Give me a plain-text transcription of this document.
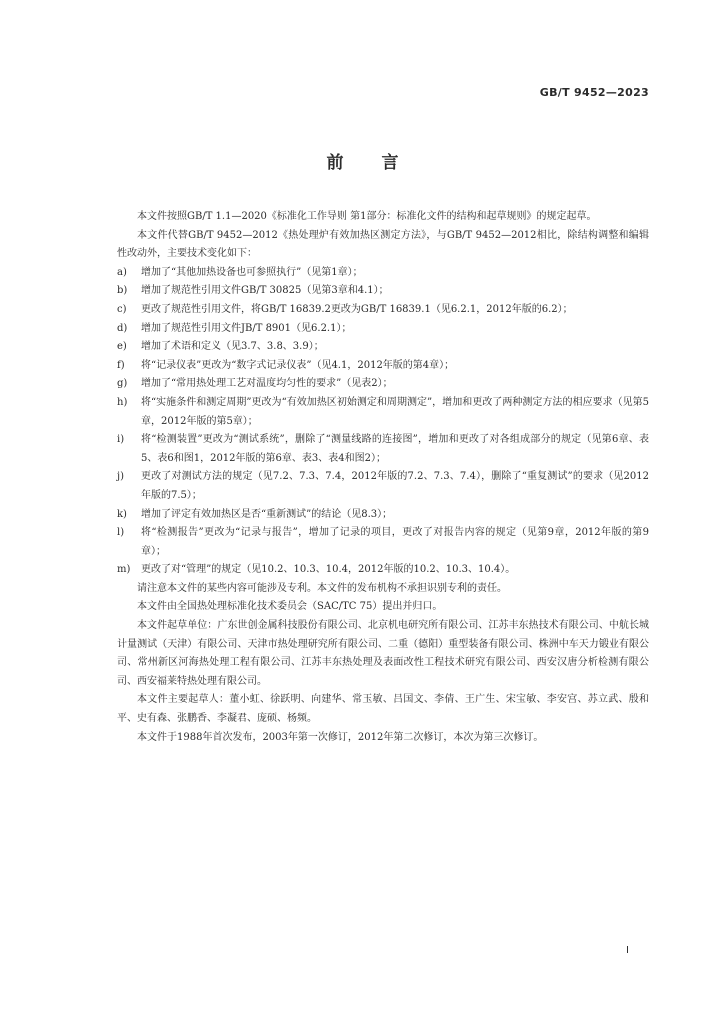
GB/T 9452—2023
前言

本文件按照GB/T 1.1—2020《标准化工作导则 第1部分：标准化文件的结构和起草规则》的规定起草。

本文件代替GB/T 9452—2012《热处理炉有效加热区测定方法》，与GB/T 9452—2012相比，除结构调整和编辑性改动外，主要技术变化如下：

a)	增加了“其他加热设备也可参照执行”（见第1章）；
b)	增加了规范性引用文件GB/T 30825（见第3章和4.1）；
c)	更改了规范性引用文件，将GB/T 16839.2更改为GB/T 16839.1（见6.2.1，2012年版的6.2）；
d)	增加了规范性引用文件JB/T 8901（见6.2.1）；
e)	增加了术语和定义（见3.7、3.8、3.9）；
f)	将“记录仪表”更改为“数字式记录仪表”（见4.1，2012年版的第4章）；
g)	增加了“常用热处理工艺对温度均匀性的要求”（见表2）；
h)	将“实施条件和测定周期”更改为“有效加热区初始测定和周期测定”，增加和更改了两种测定方法的相应要求（见第5章，2012年版的第5章）；
i)	将“检测装置”更改为“测试系统”，删除了“测量线路的连接图”，增加和更改了对各组成部分的规定（见第6章、表5、表6和图1，2012年版的第6章、表3、表4和图2）；
j)	更改了对测试方法的规定（见7.2、7.3、7.4，2012年版的7.2、7.3、7.4），删除了“重复测试”的要求（见2012年版的7.5）；
k)	增加了评定有效加热区是否“重新测试”的结论（见8.3）；
l)	将“检测报告”更改为“记录与报告”，增加了记录的项目，更改了对报告内容的规定（见第9章，2012年版的第9章）；
m)	更改了对“管理”的规定（见10.2、10.3、10.4，2012年版的10.2、10.3、10.4）。

请注意本文件的某些内容可能涉及专利。本文件的发布机构不承担识别专利的责任。

本文件由全国热处理标准化技术委员会（SAC/TC 75）提出并归口。

本文件起草单位：广东世创金属科技股份有限公司、北京机电研究所有限公司、江苏丰东热技术有限公司、中航长城计量测试（天津）有限公司、天津市热处理研究所有限公司、二重（德阳）重型装备有限公司、株洲中车天力锻业有限公司、常州新区河海热处理工程有限公司、江苏丰东热处理及表面改性工程技术研究有限公司、西安汉唐分析检测有限公司、西安福莱特热处理有限公司。

本文件主要起草人：董小虹、徐跃明、向建华、常玉敏、吕国文、李倩、王广生、宋宝敏、李安宫、苏立武、殷和平、史有森、张鹏香、李凝君、庞硕、杨频。

本文件于1988年首次发布，2003年第一次修订，2012年第二次修订，本次为第三次修订。

I
